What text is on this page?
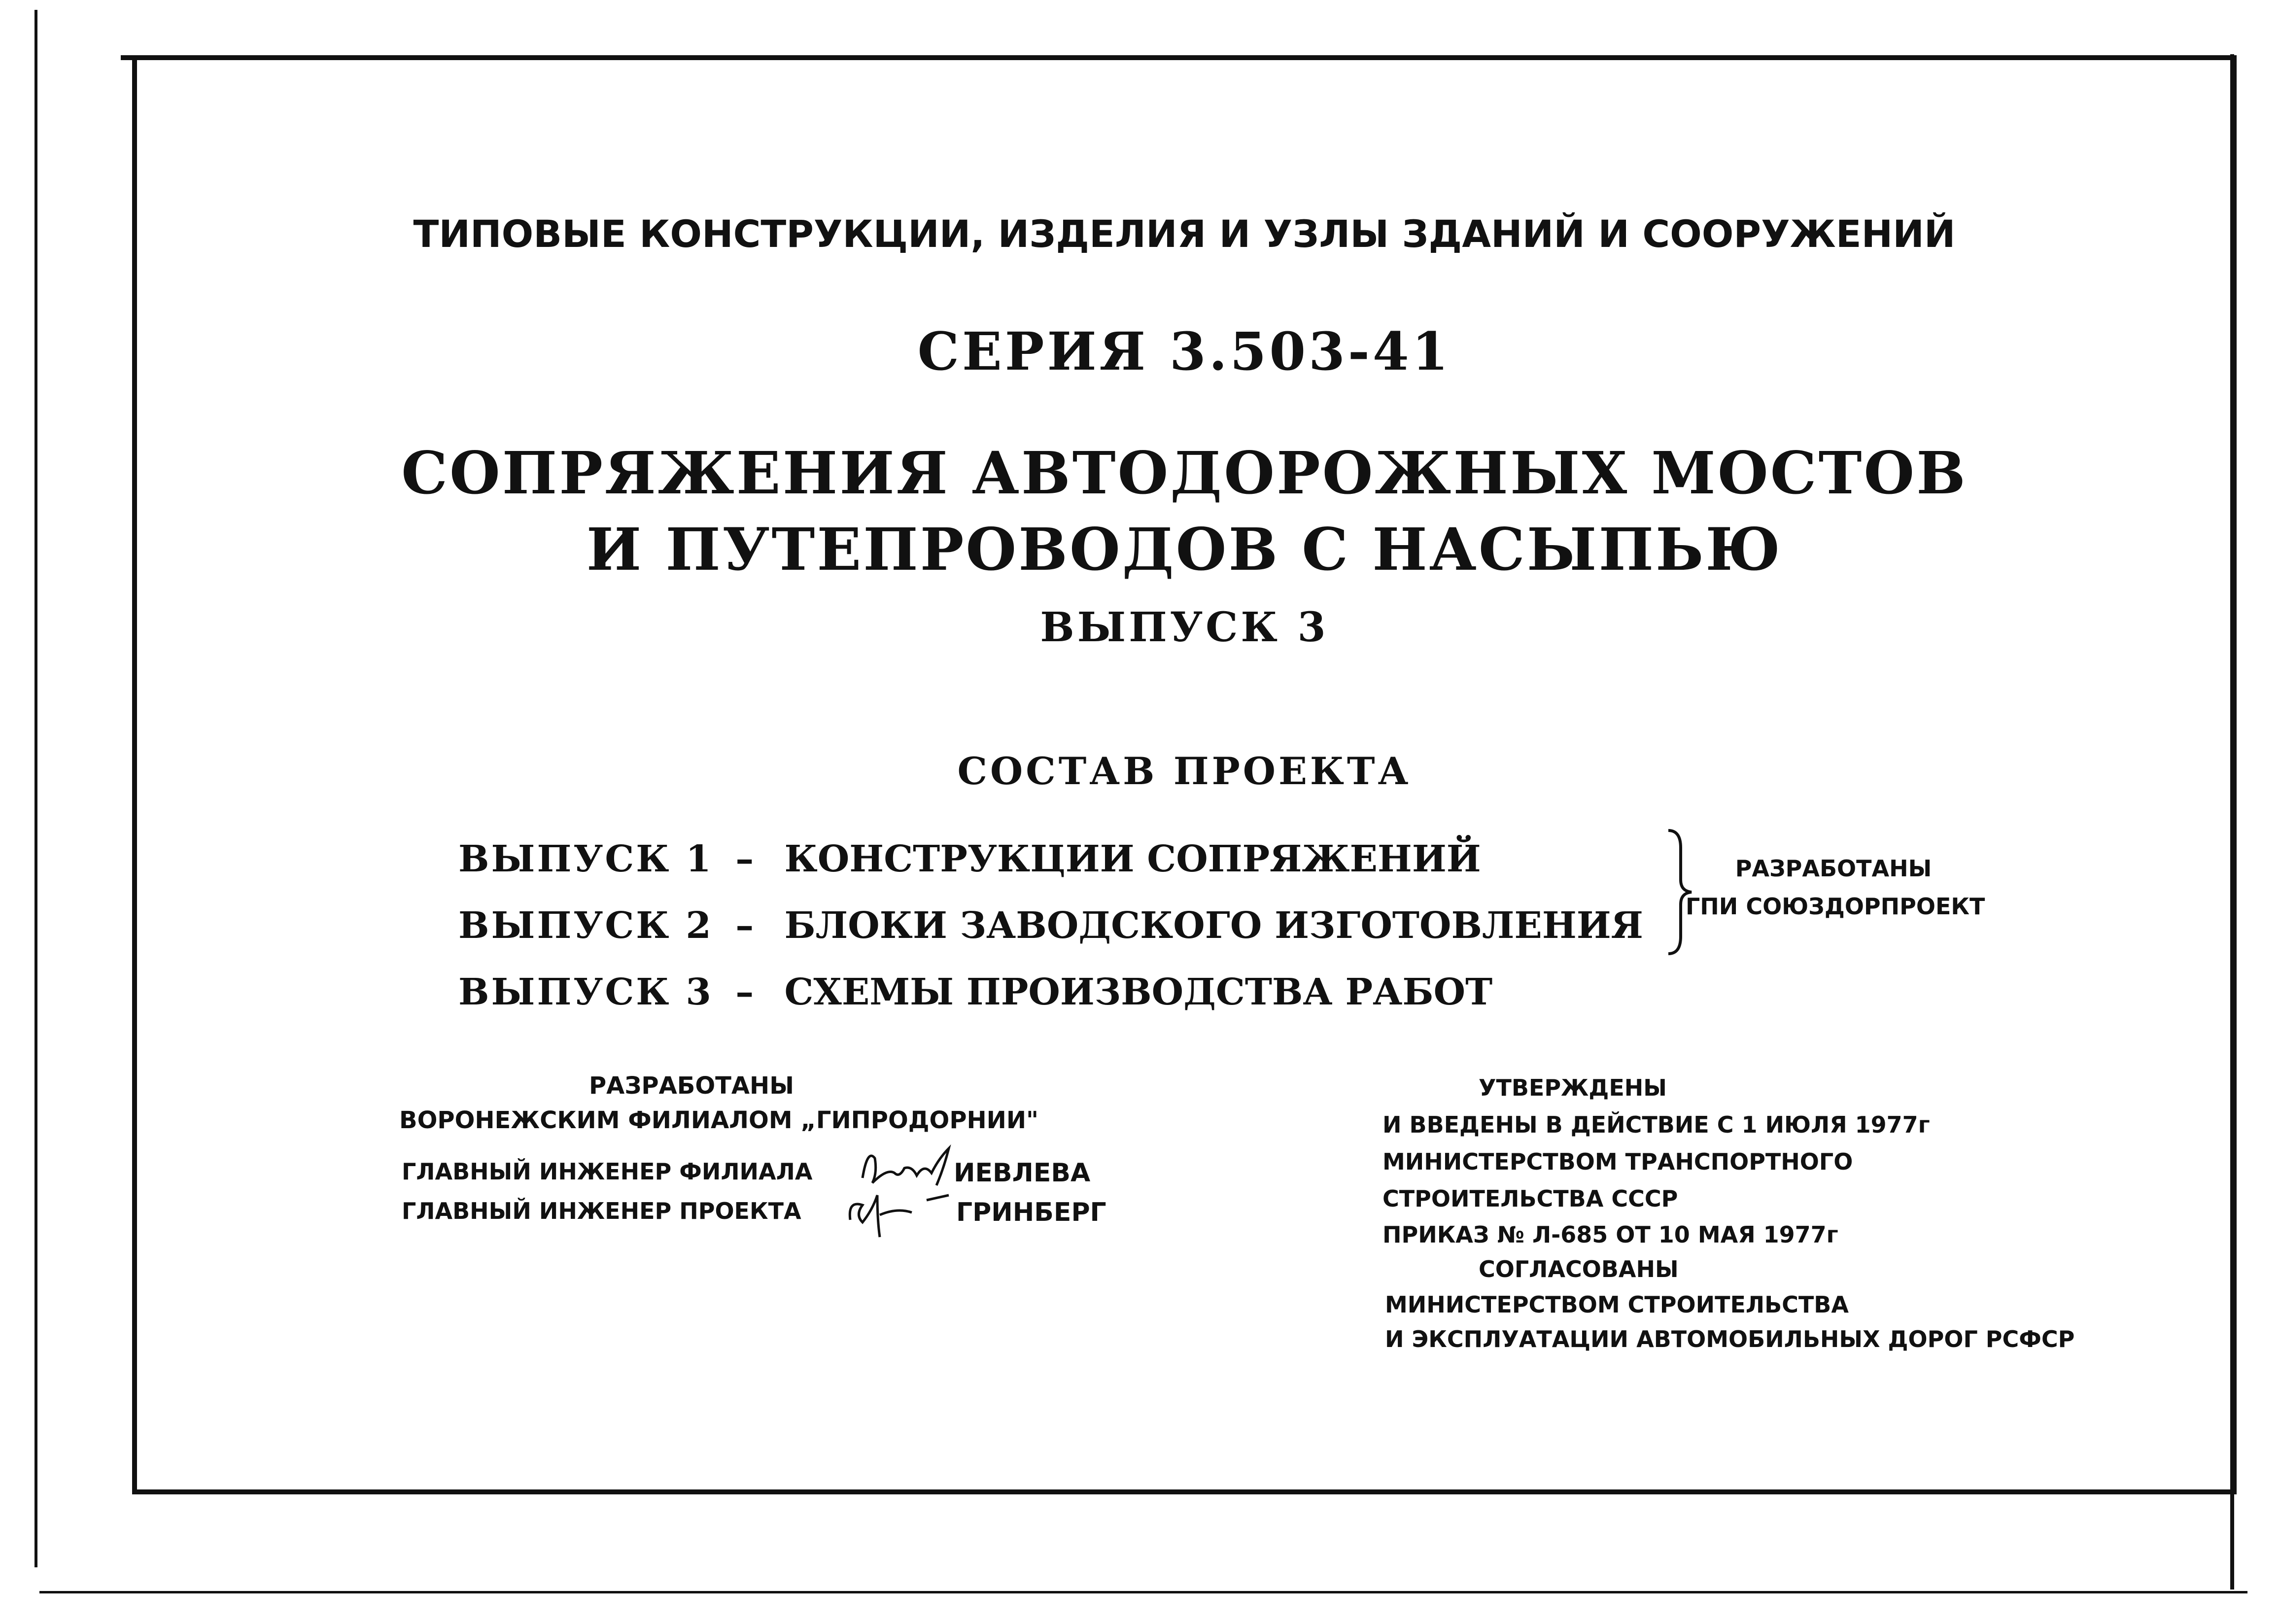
ТИПОВЫЕ КОНСТРУКЦИИ, ИЗДЕЛИЯ И УЗЛЫ ЗДАНИЙ И СООРУЖЕНИЙ
СЕРИЯ 3.503-41
СОПРЯЖЕНИЯ АВТОДОРОЖНЫХ МОСТОВ
И ПУТЕПРОВОДОВ С НАСЫПЬЮ
ВЫПУСК 3
СОСТАВ ПРОЕКТА
ВЫПУСК 1 – КОНСТРУКЦИИ СОПРЯЖЕНИЙ
ВЫПУСК 2 – БЛОКИ ЗАВОДСКОГО ИЗГОТОВЛЕНИЯ
ВЫПУСК 3 – СХЕМЫ ПРОИЗВОДСТВА РАБОТ
РАЗРАБОТАНЫ
ГПИ СОЮЗДОРПРОЕКТ
РАЗРАБОТАНЫ
ВОРОНЕЖСКИМ ФИЛИАЛОМ „ГИПРОДОРНИИ"
ГЛАВНЫЙ ИНЖЕНЕР ФИЛИАЛА	ИЕВЛЕВА
ГЛАВНЫЙ ИНЖЕНЕР ПРОЕКТА	ГРИНБЕРГ
УТВЕРЖДЕНЫ
И ВВЕДЕНЫ В ДЕЙСТВИЕ С 1 ИЮЛЯ 1977г
МИНИСТЕРСТВОМ ТРАНСПОРТНОГО
СТРОИТЕЛЬСТВА СССР
ПРИКАЗ № Л-685 ОТ 10 МАЯ 1977г
СОГЛАСОВАНЫ
МИНИСТЕРСТВОМ СТРОИТЕЛЬСТВА
И ЭКСПЛУАТАЦИИ АВТОМОБИЛЬНЫХ ДОРОГ РСФСР
